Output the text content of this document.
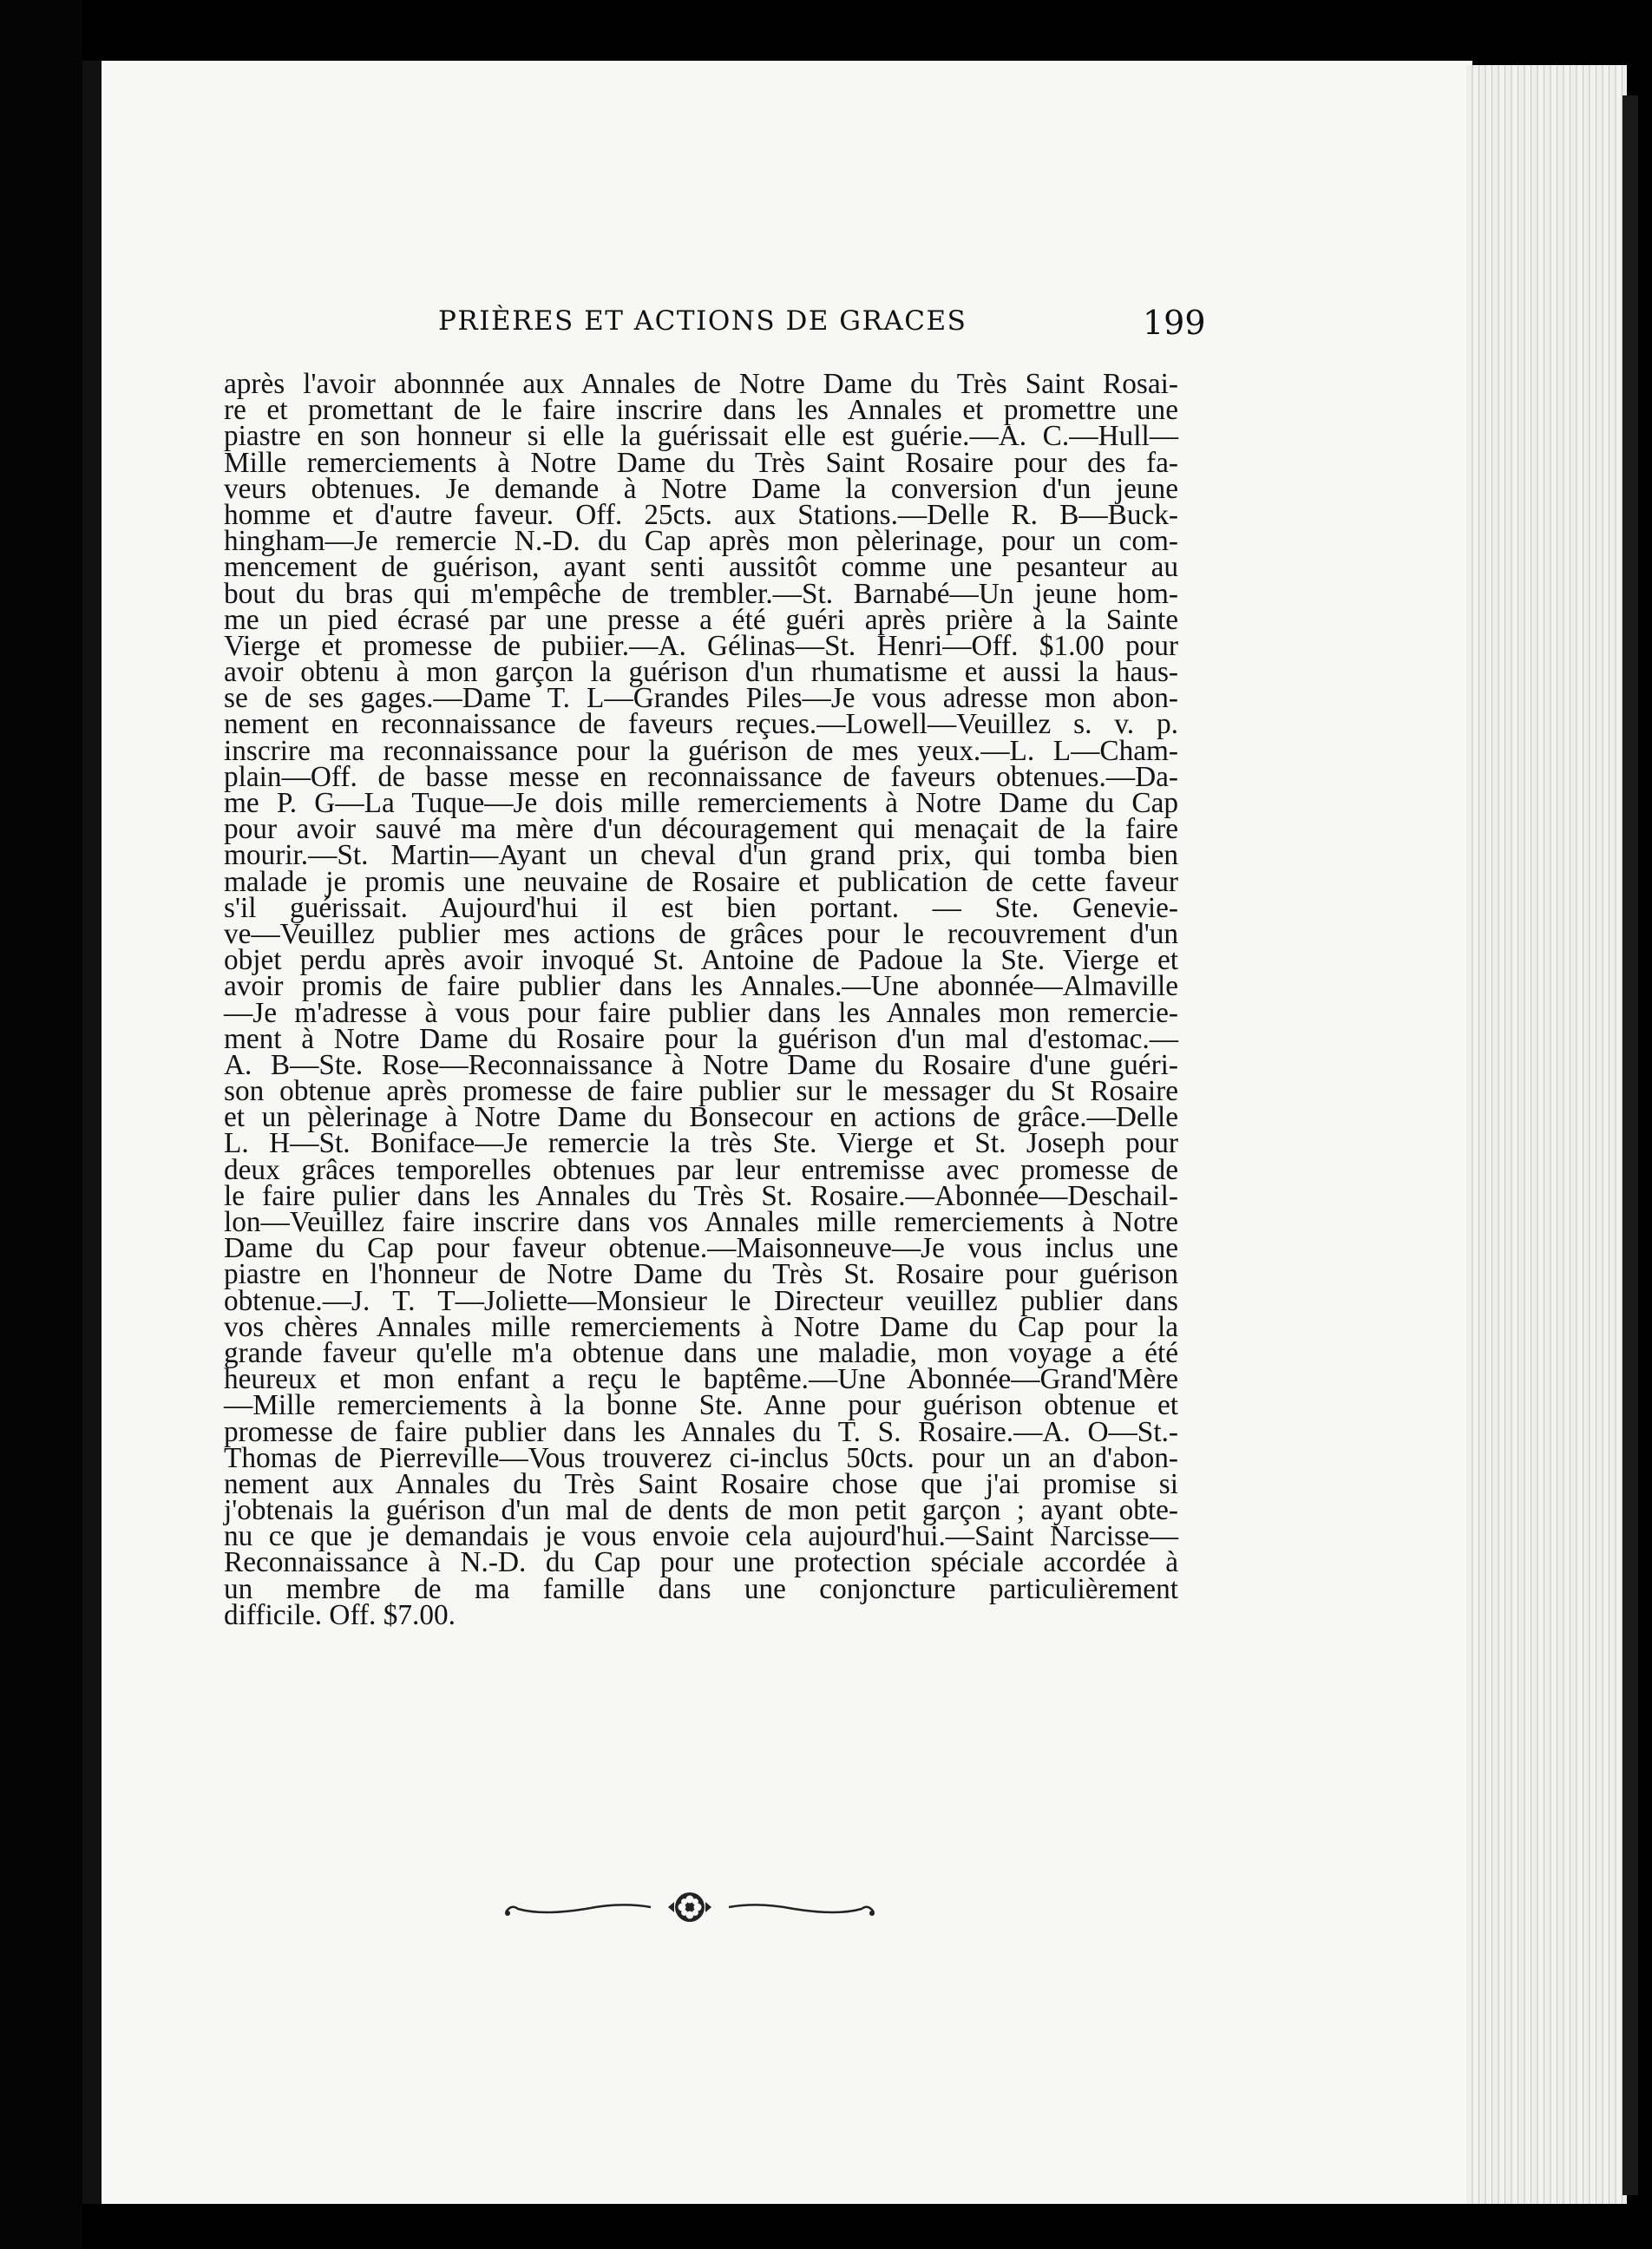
PRIÈRES ET ACTIONS DE GRACES	199
après l'avoir abonnnée aux Annales de Notre Dame du Très Saint Rosai-
re et promettant de le faire inscrire dans les Annales et promettre une
piastre en son honneur si elle la guérissait elle est guérie.—A. C.—Hull—
Mille remerciements à Notre Dame du Très Saint Rosaire pour des fa-
veurs obtenues. Je demande à Notre Dame la conversion d'un jeune
homme et d'autre faveur. Off. 25cts. aux Stations.—Delle R. B—Buck-
hingham—Je remercie N.-D. du Cap après mon pèlerinage, pour un com-
mencement de guérison, ayant senti aussitôt comme une pesanteur au
bout du bras qui m'empêche de trembler.—St. Barnabé—Un jeune hom-
me un pied écrasé par une presse a été guéri après prière à la Sainte
Vierge et promesse de pubiier.—A. Gélinas—St. Henri—Off. $1.00 pour
avoir obtenu à mon garçon la guérison d'un rhumatisme et aussi la haus-
se de ses gages.—Dame T. L—Grandes Piles—Je vous adresse mon abon-
nement en reconnaissance de faveurs reçues.—Lowell—Veuillez s. v. p.
inscrire ma reconnaissance pour la guérison de mes yeux.—L. L—Cham-
plain—Off. de basse messe en reconnaissance de faveurs obtenues.—Da-
me P. G—La Tuque—Je dois mille remerciements à Notre Dame du Cap
pour avoir sauvé ma mère d'un découragement qui menaçait de la faire
mourir.—St. Martin—Ayant un cheval d'un grand prix, qui tomba bien
malade je promis une neuvaine de Rosaire et publication de cette faveur
s'il guérissait. Aujourd'hui il est bien portant. — Ste. Genevie-
ve—Veuillez publier mes actions de grâces pour le recouvrement d'un
objet perdu après avoir invoqué St. Antoine de Padoue la Ste. Vierge et
avoir promis de faire publier dans les Annales.—Une abonnée—Almaville
—Je m'adresse à vous pour faire publier dans les Annales mon remercie-
ment à Notre Dame du Rosaire pour la guérison d'un mal d'estomac.—
A. B—Ste. Rose—Reconnaissance à Notre Dame du Rosaire d'une guéri-
son obtenue après promesse de faire publier sur le messager du St Rosaire
et un pèlerinage à Notre Dame du Bonsecour en actions de grâce.—Delle
L. H—St. Boniface—Je remercie la très Ste. Vierge et St. Joseph pour
deux grâces temporelles obtenues par leur entremisse avec promesse de
le faire pulier dans les Annales du Très St. Rosaire.—Abonnée—Deschail-
lon—Veuillez faire inscrire dans vos Annales mille remerciements à Notre
Dame du Cap pour faveur obtenue.—Maisonneuve—Je vous inclus une
piastre en l'honneur de Notre Dame du Très St. Rosaire pour guérison
obtenue.—J. T. T—Joliette—Monsieur le Directeur veuillez publier dans
vos chères Annales mille remerciements à Notre Dame du Cap pour la
grande faveur qu'elle m'a obtenue dans une maladie, mon voyage a été
heureux et mon enfant a reçu le baptême.—Une Abonnée—Grand'Mère
—Mille remerciements à la bonne Ste. Anne pour guérison obtenue et
promesse de faire publier dans les Annales du T. S. Rosaire.—A. O—St.-
Thomas de Pierreville—Vous trouverez ci-inclus 50cts. pour un an d'abon-
nement aux Annales du Très Saint Rosaire chose que j'ai promise si
j'obtenais la guérison d'un mal de dents de mon petit garçon ; ayant obte-
nu ce que je demandais je vous envoie cela aujourd'hui.—Saint Narcisse—
Reconnaissance à N.-D. du Cap pour une protection spéciale accordée à
un membre de ma famille dans une conjoncture particulièrement
difficile. Off. $7.00.
